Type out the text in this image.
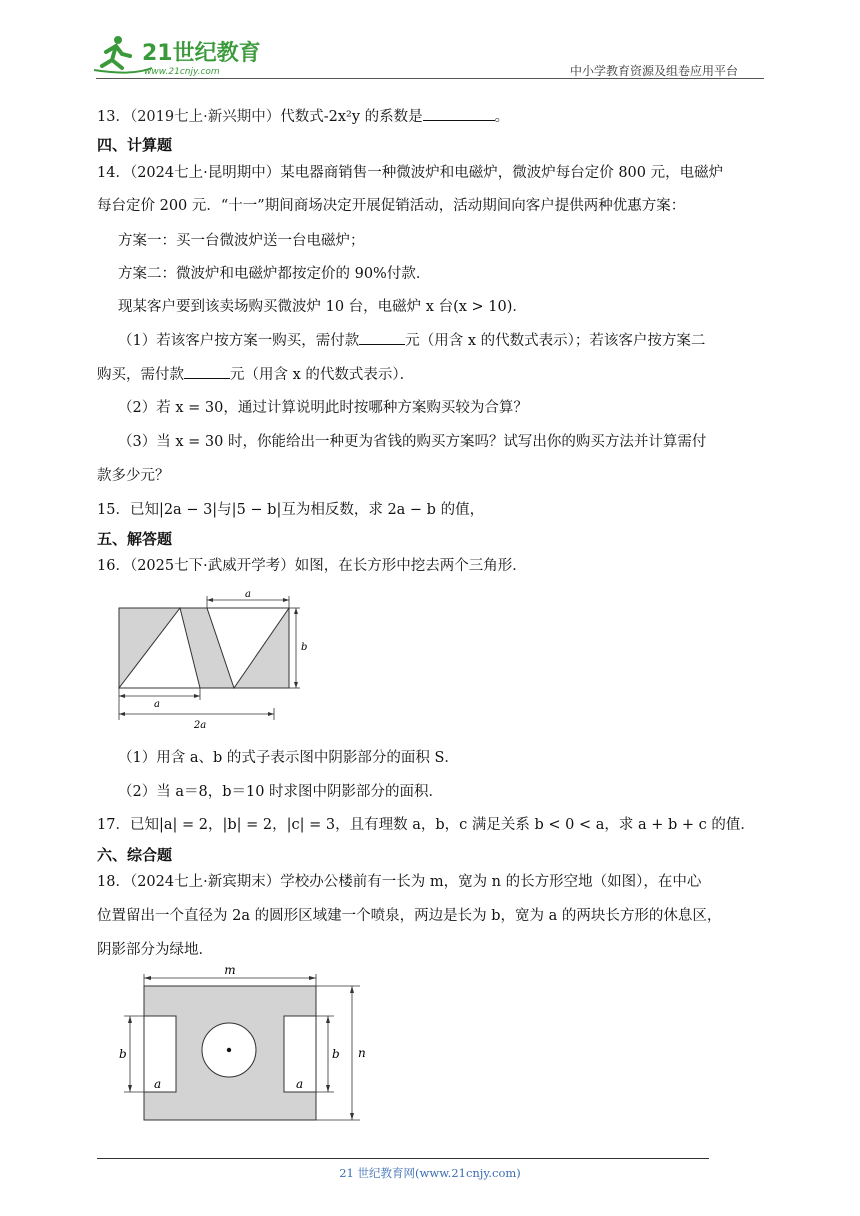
21世纪教育
www.21cnjy.com	中小学教育资源及组卷应用平台
13．（2019七上·新兴期中）代数式-2x²y 的系数是	。
四、计算题
14．（2024七上·昆明期中）某电器商销售一种微波炉和电磁炉，微波炉每台定价 800 元，电磁炉
每台定价 200 元．“十一”期间商场决定开展促销活动，活动期间向客户提供两种优惠方案：
方案一：买一台微波炉送一台电磁炉；
方案二：微波炉和电磁炉都按定价的 90%付款．
现某客户要到该卖场购买微波炉 10 台，电磁炉 x 台(x > 10)．
（1）若该客户按方案一购买，需付款	元（用含 x 的代数式表示）；若该客户按方案二
购买，需付款	元（用含 x 的代数式表示）．
（2）若 x = 30，通过计算说明此时按哪种方案购买较为合算？
（3）当 x = 30 时，你能给出一种更为省钱的购买方案吗？试写出你的购买方法并计算需付
款多少元？
15．已知|2a − 3|与|5 − b|互为相反数，求 2a − b 的值，
五、解答题
16．（2025七下·武威开学考）如图，在长方形中挖去两个三角形．
a
b
a
2a
（1）用含 a、b 的式子表示图中阴影部分的面积 S．
（2）当 a＝8，b＝10 时求图中阴影部分的面积．
17．已知|a| = 2，|b| = 2，|c| = 3，且有理数 a，b，c 满足关系 b < 0 < a，求 a + b + c 的值．
六、综合题
18．（2024七上·新宾期末）学校办公楼前有一长为 m，宽为 n 的长方形空地（如图），在中心
位置留出一个直径为 2a 的圆形区域建一个喷泉，两边是长为 b，宽为 a 的两块长方形的休息区，
阴影部分为绿地．
m
n
b	b
a	a
21 世纪教育网(www.21cnjy.com)
